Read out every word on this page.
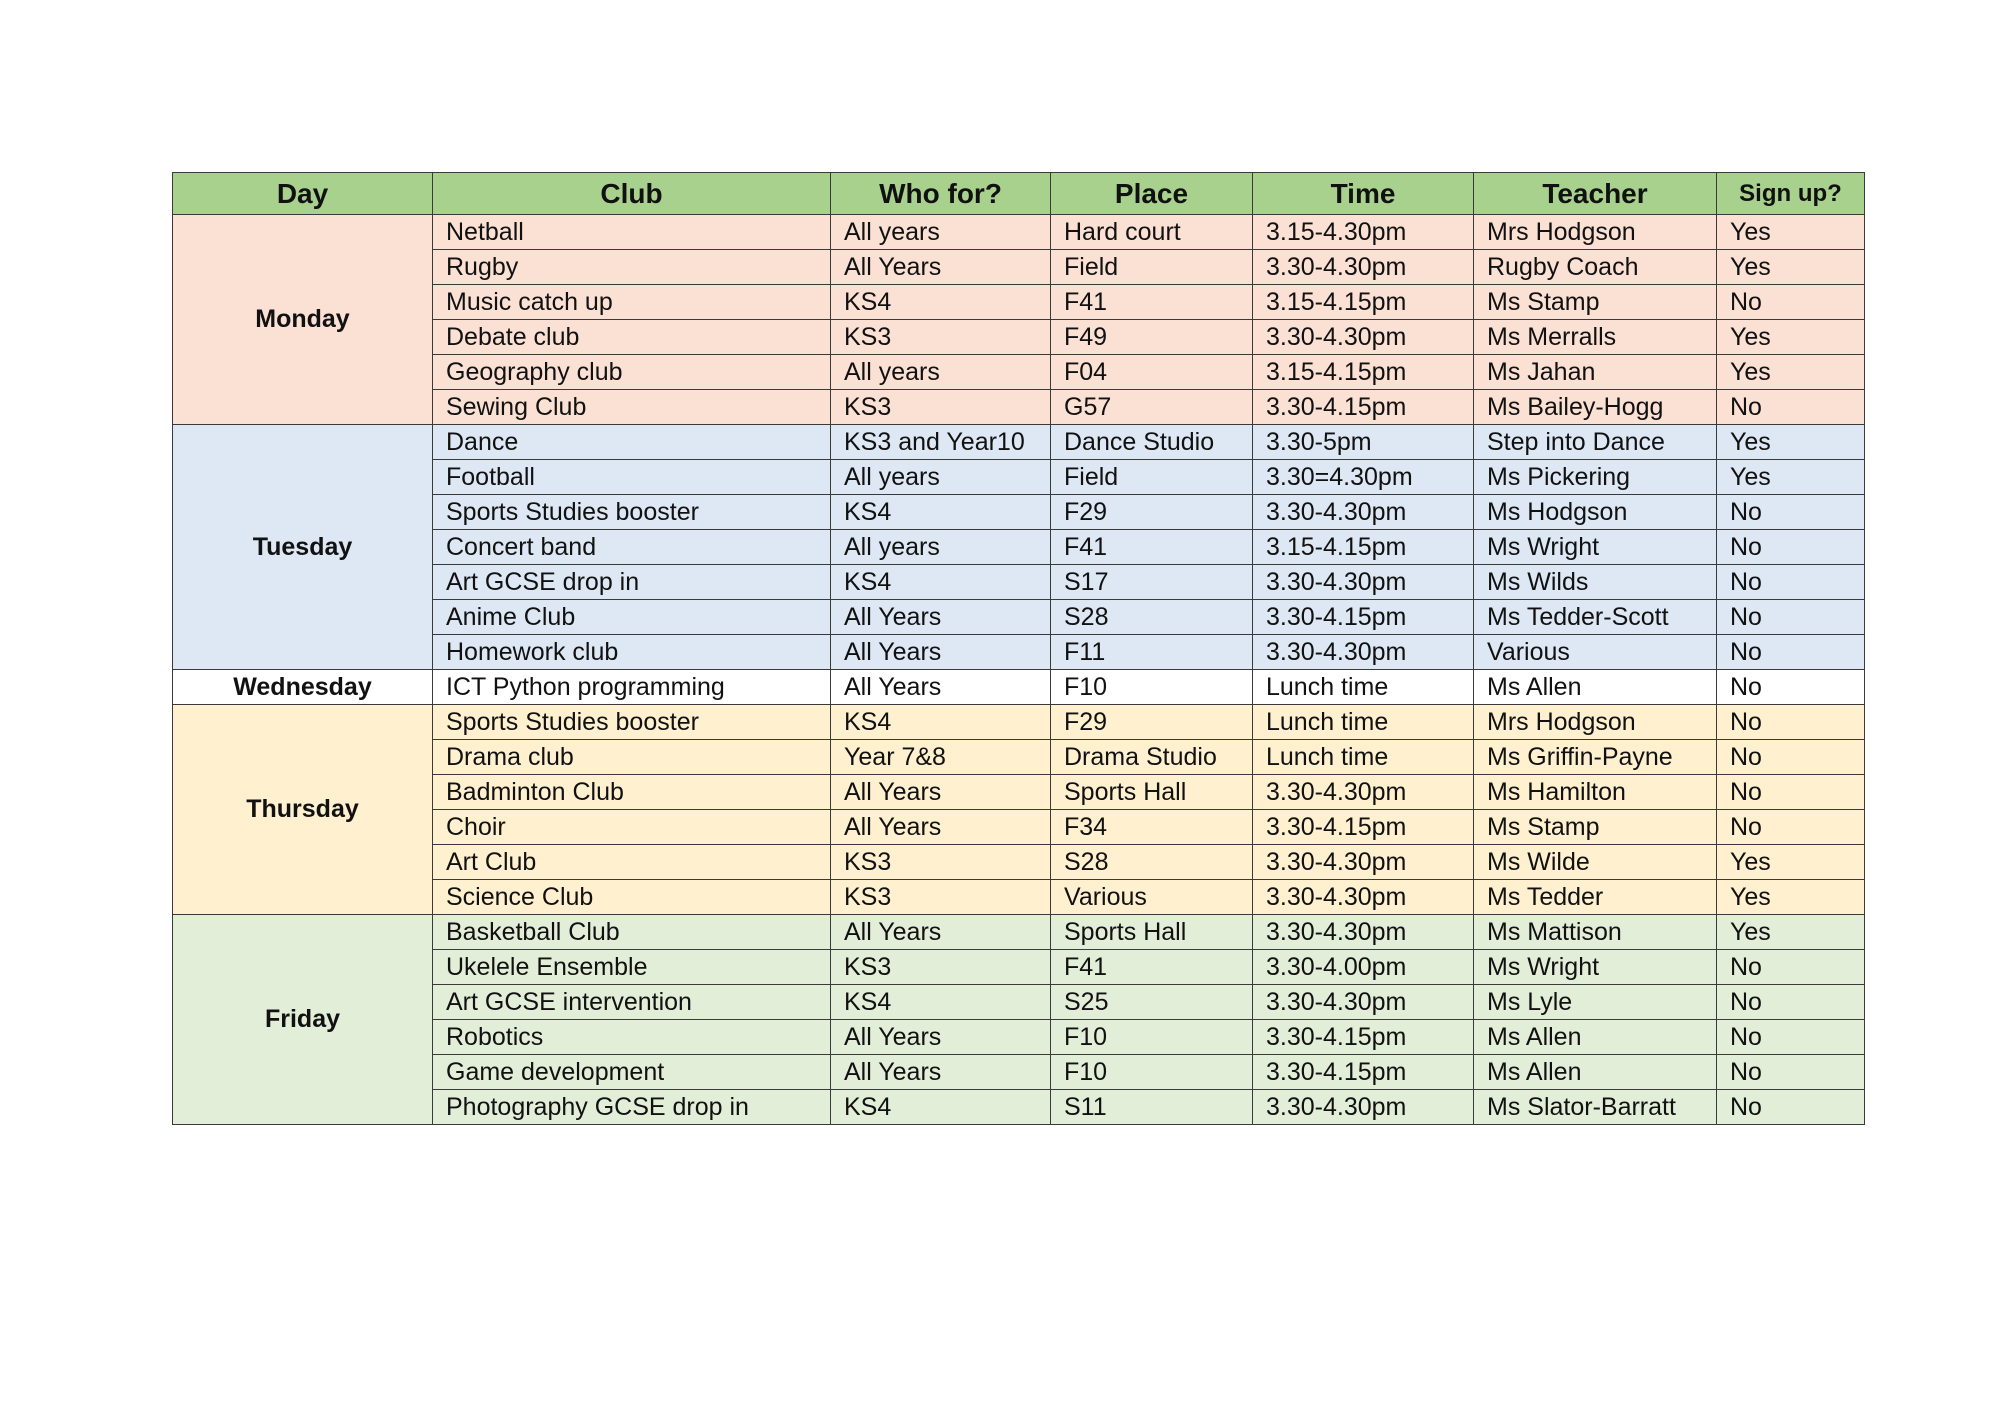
Day	Club	Who for?	Place	Time	Teacher	Sign up?
Monday	Netball	All years	Hard court	3.15-4.30pm	Mrs Hodgson	Yes
	Rugby	All Years	Field	3.30-4.30pm	Rugby Coach	Yes
	Music catch up	KS4	F41	3.15-4.15pm	Ms Stamp	No
	Debate club	KS3	F49	3.30-4.30pm	Ms Merralls	Yes
	Geography club	All years	F04	3.15-4.15pm	Ms Jahan	Yes
	Sewing Club	KS3	G57	3.30-4.15pm	Ms Bailey-Hogg	No
Tuesday	Dance	KS3 and Year10	Dance Studio	3.30-5pm	Step into Dance	Yes
	Football	All years	Field	3.30=4.30pm	Ms Pickering	Yes
	Sports Studies booster	KS4	F29	3.30-4.30pm	Ms Hodgson	No
	Concert band	All years	F41	3.15-4.15pm	Ms Wright	No
	Art GCSE drop in	KS4	S17	3.30-4.30pm	Ms Wilds	No
	Anime Club	All Years	S28	3.30-4.15pm	Ms Tedder-Scott	No
	Homework club	All Years	F11	3.30-4.30pm	Various	No
Wednesday	ICT Python programming	All Years	F10	Lunch time	Ms Allen	No
Thursday	Sports Studies booster	KS4	F29	Lunch time	Mrs Hodgson	No
	Drama club	Year 7&8	Drama Studio	Lunch time	Ms Griffin-Payne	No
	Badminton Club	All Years	Sports Hall	3.30-4.30pm	Ms Hamilton	No
	Choir	All Years	F34	3.30-4.15pm	Ms Stamp	No
	Art Club	KS3	S28	3.30-4.30pm	Ms Wilde	Yes
	Science Club	KS3	Various	3.30-4.30pm	Ms Tedder	Yes
Friday	Basketball Club	All Years	Sports Hall	3.30-4.30pm	Ms Mattison	Yes
	Ukelele Ensemble	KS3	F41	3.30-4.00pm	Ms Wright	No
	Art GCSE intervention	KS4	S25	3.30-4.30pm	Ms Lyle	No
	Robotics	All Years	F10	3.30-4.15pm	Ms Allen	No
	Game development	All Years	F10	3.30-4.15pm	Ms Allen	No
	Photography GCSE drop in	KS4	S11	3.30-4.30pm	Ms Slator-Barratt	No
